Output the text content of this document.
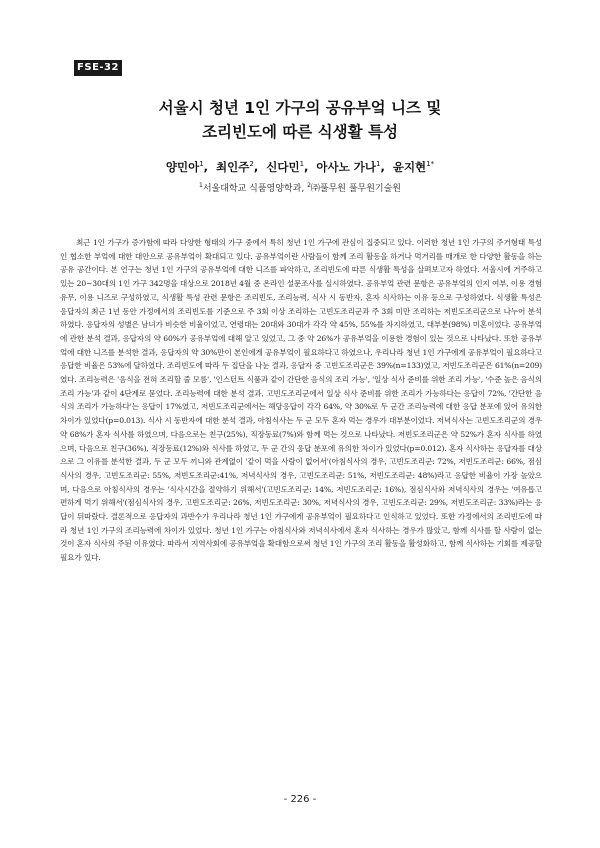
FSE-32
서울시 청년 1인 가구의 공유부엌 니즈 및
조리빈도에 따른 식생활 특성
양민아$^1$,  최인주$^2$,  신다민$^1$,  아사노 가나$^1$,  윤지현$^{1*}$
$^1$서울대학교 식품영양학과, $^2$㈜풀무원 풀무원기술원

최근 1인 가구가 증가함에 따라 다양한 형태의 가구 중에서 특히 청년 1인 가구에 관심이 집중되고 있다. 이러한 청년 1인 가구의 주거형태 특성인 협소한 부엌에 대한 대안으로 공유부엌이 확대되고 있다. 공유부엌이란 사람들이 함께 조리 활동을 하거나 먹거리를 매개로 한 다양한 활동을 하는 공유 공간이다. 본 연구는 청년 1인 가구의 공유부엌에 대한 니즈를 파악하고, 조리빈도에 따른 식생활 특성을 살펴보고자 하였다. 서울시에 거주하고 있는 20~30대의 1인 가구 342명을 대상으로 2018년 4월 중 온라인 설문조사를 실시하였다. 공유부엌 관련 문항은 공유부엌의 인지 여부, 이용 경험 유무, 이용 니즈로 구성하였고, 식생활 특성 관련 문항은 조리빈도, 조리능력, 식사 시 동반자, 혼자 식사하는 이유 등으로 구성하였다. 식생활 특성은 응답자의 최근 1년 동안 가정에서의 조리빈도를 기준으로 주 3회 이상 조리하는 고빈도조리군과 주 3회 미만 조리하는 저빈도조리군으로 나누어 분석하였다. 응답자의 성별은 남녀가 비슷한 비율이었고, 연령대는 20대와 30대가 각각 약 45%, 55%를 차지하였고, 대부분(98%) 미혼이었다. 공유부엌에 관한 분석 결과, 응답자의 약 60%가 공유부엌에 대해 알고 있었고, 그 중 약 26%가 공유부엌을 이용한 경험이 있는 것으로 나타났다. 또한 공유부엌에 대한 니즈를 분석한 결과, 응답자의 약 30%만이 본인에게 공유부엌이 필요하다고 하였으나, 우리나라 청년 1인 가구에게 공유부엌이 필요하다고 응답한 비율은 53%에 달하였다. 조리빈도에 따라 두 집단을 나눈 결과, 응답자 중 고빈도조리군은 39%(n=133)였고, 저빈도조리군은 61%(n=209)였다. 조리능력은 '음식을 전혀 조리할 줄 모름', '인스턴트 식품과 같이 간단한 음식의 조리 가능', '일상 식사 준비를 위한 조리 가능', '수준 높은 음식의 조리 가능'과 같이 4단계로 묻었다. 조리능력에 대한 분석 결과, 고빈도조리군에서 일상 식사 준비를 위한 조리가 가능하다는 응답이 72%, '간단한 음식의 조리가 가능하다'는 응답이 17%였고, 저빈도조리군에서는 해당응답이 각각 64%, 약 30%로 두 군간 조리능력에 대한 응답 분포에 있어 유의한 차이가 있었다(p=0.013). 식사 시 동반자에 대한 분석 결과, 아침식사는 두 군 모두 혼자 먹는 경우가 대부분이었다. 저녁식사는 고빈도조리군의 경우 약 68%가 혼자 식사를 하였으며, 다음으로는 친구(25%), 직장동료(7%)와 함께 먹는 것으로 나타났다. 저빈도조리군은 약 52%가 혼자 식사를 하였으며, 다음으로 친구(36%), 직장동료(12%)와 식사를 하였고, 두 군 간의 응답 분포에 유의한 차이가 있었다(p=0.012). 혼자 식사하는 응답자를 대상으로 그 이유를 분석한 결과, 두 군 모두 끼니와 관계없이 '같이 먹을 사람이 없어서'(아침식사의 경우, 고빈도조리군: 72%, 저빈도조리군: 66%, 점심식사의 경우, 고빈도조리군: 55%, 저빈도조리군:41%, 저녁식사의 경우, 고빈도조리군: 51%, 저빈도조리군: 48%)라고 응답한 비율이 가장 높았으며, 다음으로 아침식사의 경우는 '식사시간을 절약하기 위해서'(고빈도조리군: 14%, 저빈도조리군: 16%), 점심식사와 저녁식사의 경우는 '여유롭고 편하게 먹기 위해서'(점심식사의 경우, 고빈도조리군: 26%, 저빈도조리군: 30%, 저녁식사의 경우, 고빈도조리군: 29%, 저빈도조리군: 33%)라는 응답이 뒤따랐다. 결론적으로 응답자의 과반수가 우리나라 청년 1인 가구에게 공유부엌이 필요하다고 인식하고 있었다. 또한 가정에서의 조리빈도에 따라 청년 1인 가구의 조리능력에 차이가 있었다. 청년 1인 가구는 아침식사와 저녁식사에서 혼자 식사하는 경우가 많았고, 함께 식사를 할 사람이 없는 것이 혼자 식사의 주된 이유였다. 따라서 지역사회에 공유부엌을 확대함으로써 청년 1인 가구의 조리 활동을 활성화하고, 함께 식사하는 기회를 제공할 필요가 있다.

- 226 -
